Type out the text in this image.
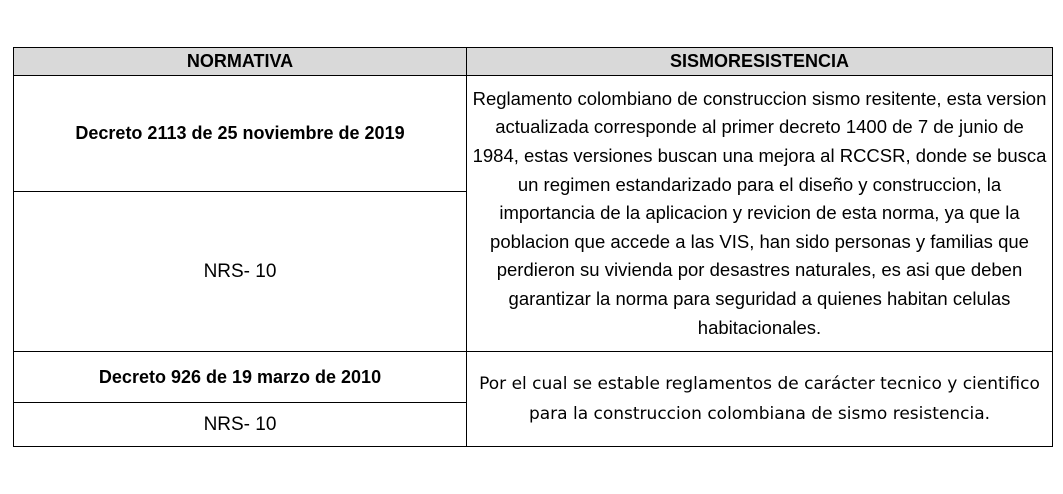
NORMATIVA	SISMORESISTENCIA
Decreto 2113 de 25 noviembre de 2019	Reglamento colombiano de construccion sismo resitente, esta version actualizada corresponde al primer decreto 1400 de 7 de junio de 1984, estas versiones buscan una mejora al RCCSR, donde se busca un regimen estandarizado para el diseño y construccion, la importancia de la aplicacion y revicion de esta norma, ya que la poblacion que accede a las VIS, han sido personas y familias que perdieron su vivienda por desastres naturales, es asi que deben garantizar la norma para seguridad a quienes habitan celulas habitacionales.
NRS- 10	
Decreto 926 de 19 marzo de 2010	Por el cual se estable reglamentos de carácter tecnico y cientifico para la construccion colombiana de sismo resistencia.
NRS- 10	
